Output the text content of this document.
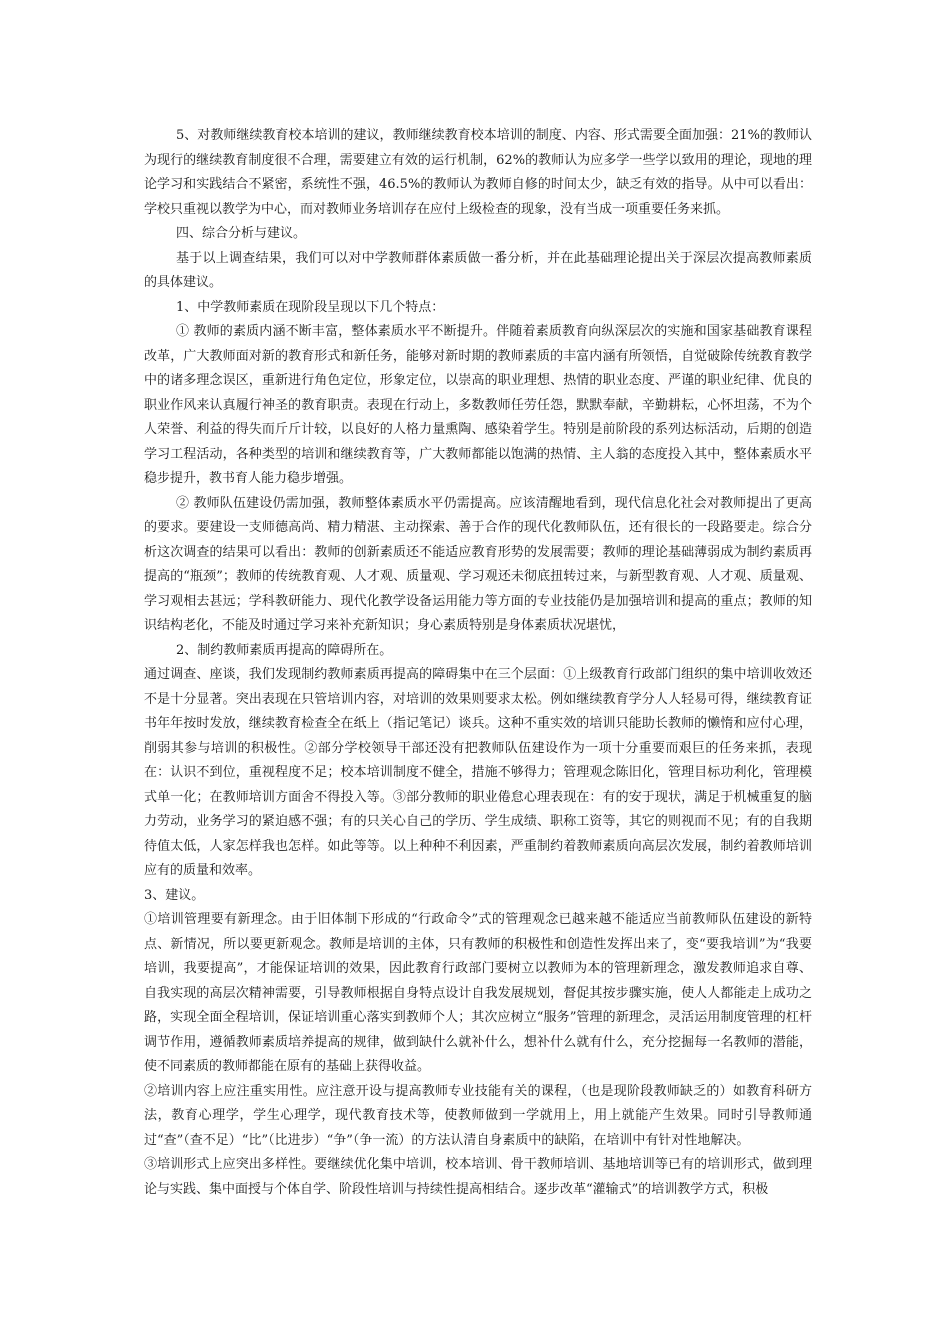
5、对教师继续教育校本培训的建议，教师继续教育校本培训的制度、内容、形式需要全面加强：21%的教师认为现行的继续教育制度很不合理，需要建立有效的运行机制，62%的教师认为应多学一些学以致用的理论，现地的理论学习和实践结合不紧密，系统性不强，46.5%的教师认为教师自修的时间太少，缺乏有效的指导。从中可以看出：学校只重视以教学为中心，而对教师业务培训存在应付上级检查的现象，没有当成一项重要任务来抓。

四、综合分析与建议。

基于以上调查结果，我们可以对中学教师群体素质做一番分析，并在此基础理论提出关于深层次提高教师素质的具体建议。

1、中学教师素质在现阶段呈现以下几个特点：

① 教师的素质内涵不断丰富，整体素质水平不断提升。伴随着素质教育向纵深层次的实施和国家基础教育课程改革，广大教师面对新的教育形式和新任务，能够对新时期的教师素质的丰富内涵有所领悟，自觉破除传统教育教学中的诸多理念误区，重新进行角色定位，形象定位，以崇高的职业理想、热情的职业态度、严谨的职业纪律、优良的职业作风来认真履行神圣的教育职责。表现在行动上，多数教师任劳任怨，默默奉献，辛勤耕耘，心怀坦荡，不为个人荣誉、利益的得失而斤斤计较，以良好的人格力量熏陶、感染着学生。特别是前阶段的系列达标活动，后期的创造学习工程活动，各种类型的培训和继续教育等，广大教师都能以饱满的热情、主人翁的态度投入其中，整体素质水平稳步提升，教书育人能力稳步增强。

② 教师队伍建设仍需加强，教师整体素质水平仍需提高。应该清醒地看到，现代信息化社会对教师提出了更高的要求。要建设一支师德高尚、精力精湛、主动探索、善于合作的现代化教师队伍，还有很长的一段路要走。综合分析这次调查的结果可以看出：教师的创新素质还不能适应教育形势的发展需要；教师的理论基础薄弱成为制约素质再提高的“瓶颈”；教师的传统教育观、人才观、质量观、学习观还未彻底扭转过来，与新型教育观、人才观、质量观、学习观相去甚远；学科教研能力、现代化教学设备运用能力等方面的专业技能仍是加强培训和提高的重点；教师的知识结构老化，不能及时通过学习来补充新知识；身心素质特别是身体素质状况堪忧，

2、制约教师素质再提高的障碍所在。

通过调查、座谈，我们发现制约教师素质再提高的障碍集中在三个层面：①上级教育行政部门组织的集中培训收效还不是十分显著。突出表现在只管培训内容，对培训的效果则要求太松。例如继续教育学分人人轻易可得，继续教育证书年年按时发放，继续教育检查全在纸上（指记笔记）谈兵。这种不重实效的培训只能助长教师的懒惰和应付心理，削弱其参与培训的积极性。②部分学校领导干部还没有把教师队伍建设作为一项十分重要而艰巨的任务来抓，表现在：认识不到位，重视程度不足；校本培训制度不健全，措施不够得力；管理观念陈旧化，管理目标功利化，管理模式单一化；在教师培训方面舍不得投入等。③部分教师的职业倦怠心理表现在：有的安于现状，满足于机械重复的脑力劳动，业务学习的紧迫感不强；有的只关心自己的学历、学生成绩、职称工资等，其它的则视而不见；有的自我期待值太低，人家怎样我也怎样。如此等等。以上种种不利因素，严重制约着教师素质向高层次发展，制约着教师培训应有的质量和效率。

3、建议。

①培训管理要有新理念。由于旧体制下形成的“行政命令”式的管理观念已越来越不能适应当前教师队伍建设的新特点、新情况，所以要更新观念。教师是培训的主体，只有教师的积极性和创造性发挥出来了，变“要我培训”为“我要培训，我要提高”，才能保证培训的效果，因此教育行政部门要树立以教师为本的管理新理念，激发教师追求自尊、自我实现的高层次精神需要，引导教师根据自身特点设计自我发展规划，督促其按步骤实施，使人人都能走上成功之路，实现全面全程培训，保证培训重心落实到教师个人；其次应树立“服务”管理的新理念，灵活运用制度管理的杠杆调节作用，遵循教师素质培养提高的规律，做到缺什么就补什么，想补什么就有什么，充分挖掘每一名教师的潜能，使不同素质的教师都能在原有的基础上获得收益。

②培训内容上应注重实用性。应注意开设与提高教师专业技能有关的课程，（也是现阶段教师缺乏的）如教育科研方法，教育心理学，学生心理学，现代教育技术等，使教师做到一学就用上，用上就能产生效果。同时引导教师通过“查”（查不足）“比”（比进步）“争”（争一流）的方法认清自身素质中的缺陷，在培训中有针对性地解决。

③培训形式上应突出多样性。要继续优化集中培训，校本培训、骨干教师培训、基地培训等已有的培训形式，做到理论与实践、集中面授与个体自学、阶段性培训与持续性提高相结合。逐步改革“灌输式”的培训教学方式，积极
